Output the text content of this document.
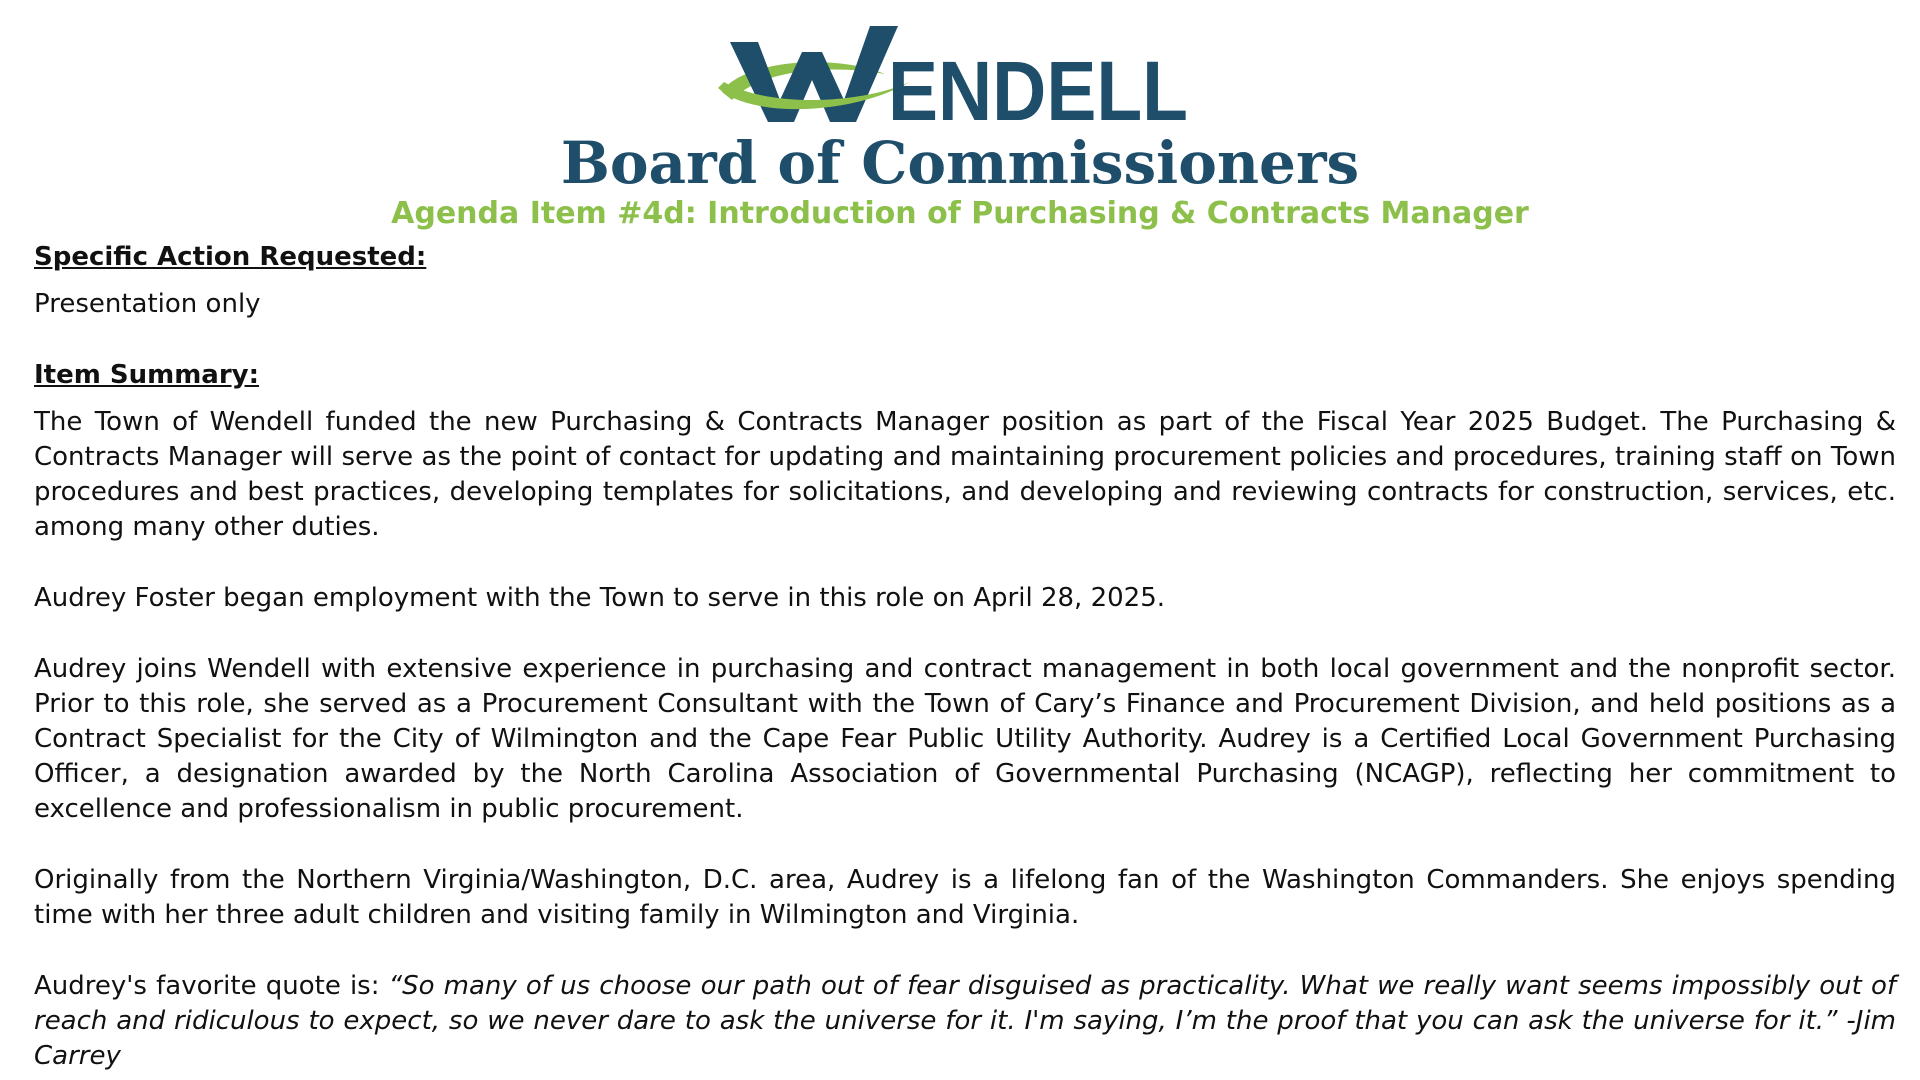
ENDELL
Board of Commissioners
Agenda Item #4d: Introduction of Purchasing & Contracts Manager

Specific Action Requested:

Presentation only

Item Summary:

The Town of Wendell funded the new Purchasing & Contracts Manager position as part of the Fiscal Year 2025 Budget. The Purchasing & Contracts Manager will serve as the point of contact for updating and maintaining procurement policies and procedures, training staff on Town procedures and best practices, developing templates for solicitations, and developing and reviewing contracts for construction, services, etc. among many other duties.

Audrey Foster began employment with the Town to serve in this role on April 28, 2025.

Audrey joins Wendell with extensive experience in purchasing and contract management in both local government and the nonprofit sector. Prior to this role, she served as a Procurement Consultant with the Town of Cary’s Finance and Procurement Division, and held positions as a Contract Specialist for the City of Wilmington and the Cape Fear Public Utility Authority. Audrey is a Certified Local Government Purchasing Officer, a designation awarded by the North Carolina Association of Governmental Purchasing (NCAGP), reflecting her commitment to excellence and professionalism in public procurement.

Originally from the Northern Virginia/Washington, D.C. area, Audrey is a lifelong fan of the Washington Commanders. She enjoys spending time with her three adult children and visiting family in Wilmington and Virginia.

Audrey's favorite quote is: “So many of us choose our path out of fear disguised as practicality. What we really want seems impossibly out of reach and ridiculous to expect, so we never dare to ask the universe for it. I'm saying, I’m the proof that you can ask the universe for it.” -Jim Carrey
